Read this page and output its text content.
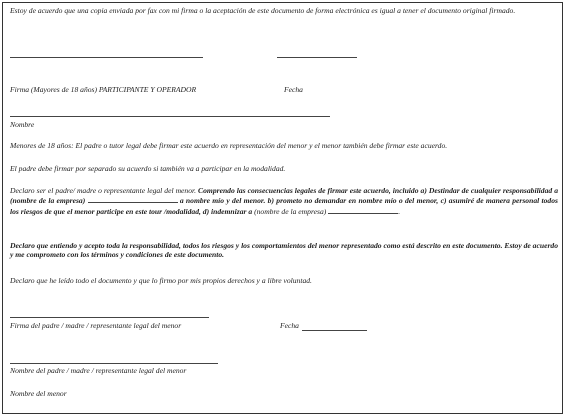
Estoy de acuerdo que una copia enviada por fax con mi firma o la aceptación de este documento de forma electrónica es igual a tener el documento original firmado.
Firma (Mayores de 18 años) PARTICIPANTE Y OPERADOR	Fecha
Nombre
Menores de 18 años: El padre o tutor legal debe firmar este acuerdo en representación del menor y el menor también debe firmar este acuerdo.
El padre debe firmar por separado su acuerdo si también va a participar en la modalidad.
Declaro ser el padre/ madre o representante legal del menor. Comprendo las consecuencias legales de firmar este acuerdo, incluido a) Destindar de cualquier responsabilidad a (nombre de la empresa)	a nombre mío y del menor. b) prometo no demandar en nombre mío o del menor, c) asumiré de manera personal todos los riesgos de que el menor participe en este tour /modalidad, d) indemnizar a (nombre de la empresa)	.
Declaro que entiendo y acepto toda la responsabilidad, todos los riesgos y los comportamientos del menor representado como está descrito en este documento. Estoy de acuerdo y me comprometo con los términos y condiciones de este documento.
Declaro que he leído todo el documento y que lo firmo por mis propios derechos y a libre voluntad.
Firma del padre / madre / representante legal del menor	Fecha
Nombre del padre / madre / representante legal del menor
Nombre del menor
